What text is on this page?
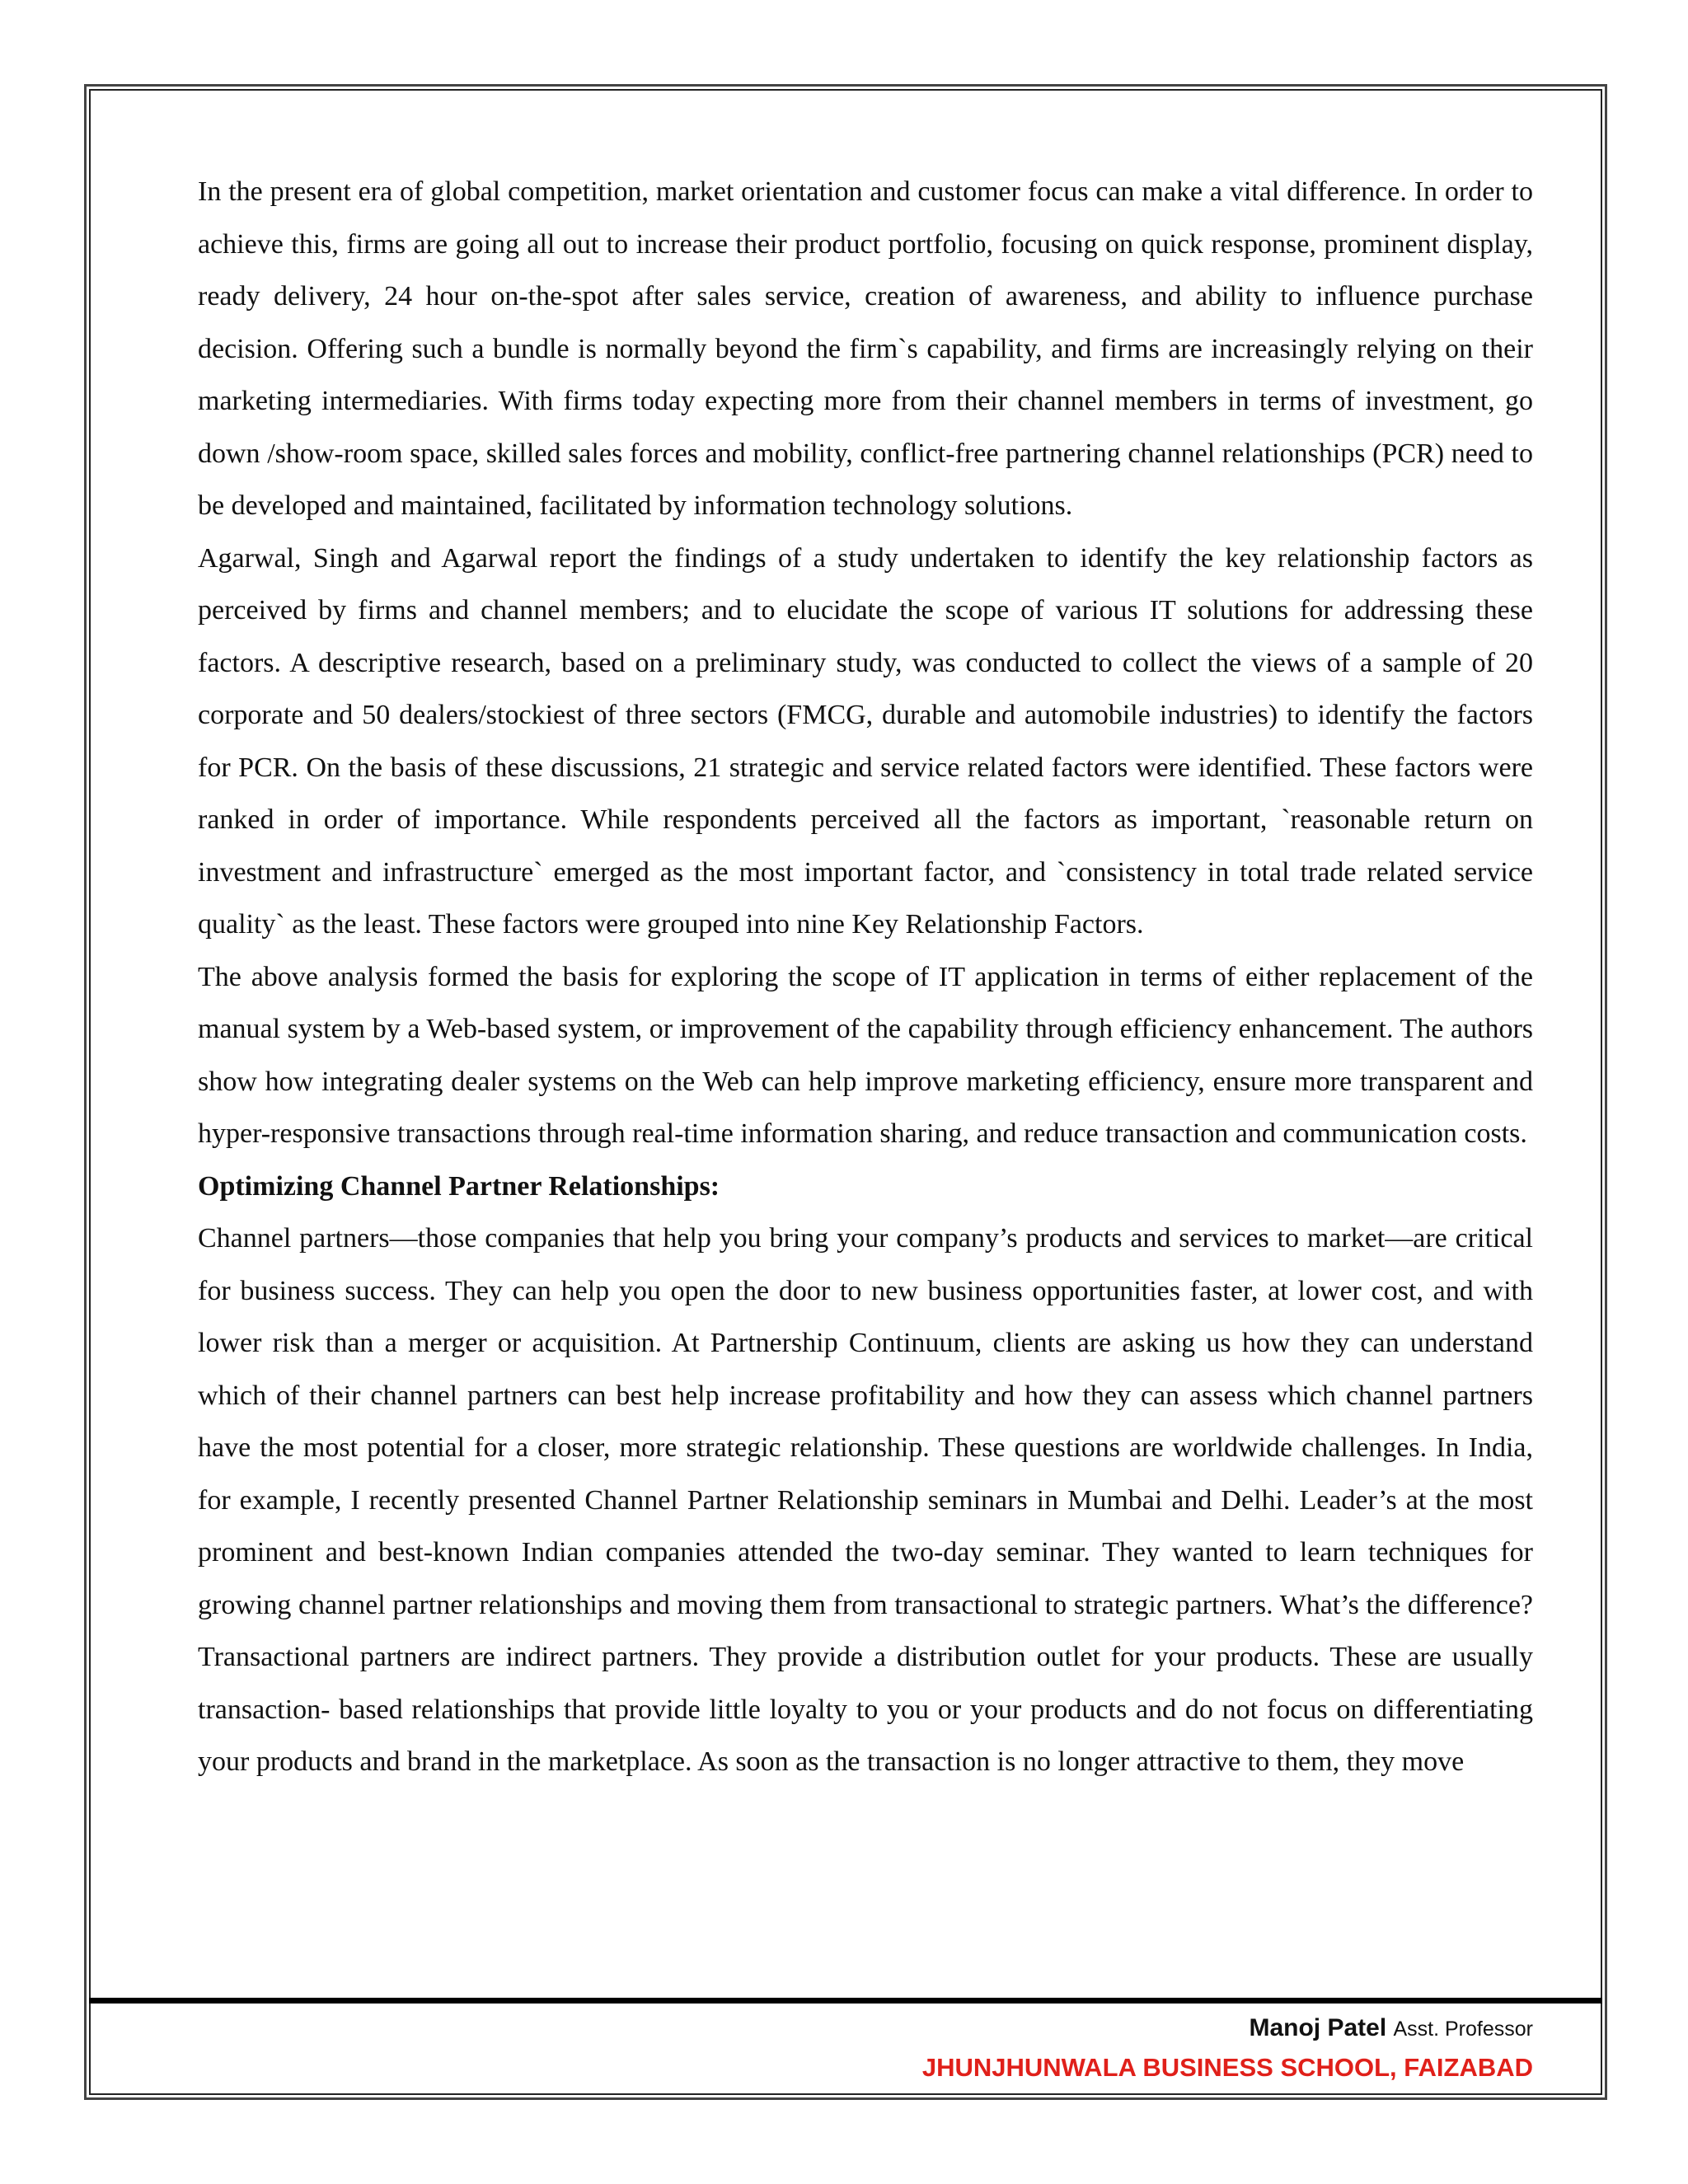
In the present era of global competition, market orientation and customer focus can make a vital difference. In order to achieve this, firms are going all out to increase their product portfolio, focusing on quick response, prominent display, ready delivery, 24 hour on-the-spot after sales service, creation of awareness, and ability to influence purchase decision. Offering such a bundle is normally beyond the firm`s capability, and firms are increasingly relying on their marketing intermediaries. With firms today expecting more from their channel members in terms of investment, go down /show-room space, skilled sales forces and mobility, conflict-free partnering channel relationships (PCR) need to be developed and maintained, facilitated by information technology solutions.

Agarwal, Singh and Agarwal report the findings of a study undertaken to identify the key relationship factors as perceived by firms and channel members; and to elucidate the scope of various IT solutions for addressing these factors. A descriptive research, based on a preliminary study, was conducted to collect the views of a sample of 20 corporate and 50 dealers/stockiest of three sectors (FMCG, durable and automobile industries) to identify the factors for PCR. On the basis of these discussions, 21 strategic and service related factors were identified. These factors were ranked in order of importance. While respondents perceived all the factors as important, `reasonable return on investment and infrastructure` emerged as the most important factor, and `consistency in total trade related service quality` as the least. These factors were grouped into nine Key Relationship Factors.

The above analysis formed the basis for exploring the scope of IT application in terms of either replacement of the manual system by a Web-based system, or improvement of the capability through efficiency enhancement. The authors show how integrating dealer systems on the Web can help improve marketing efficiency, ensure more transparent and hyper-responsive transactions through real-time information sharing, and reduce transaction and communication costs.

Optimizing Channel Partner Relationships:

Channel partners—those companies that help you bring your company’s products and services to market—are critical for business success. They can help you open the door to new business opportunities faster, at lower cost, and with lower risk than a merger or acquisition. At Partnership Continuum, clients are asking us how they can understand which of their channel partners can best help increase profitability and how they can assess which channel partners have the most potential for a closer, more strategic relationship. These questions are worldwide challenges. In India, for example, I recently presented Channel Partner Relationship seminars in Mumbai and Delhi. Leader’s at the most prominent and best-known Indian companies attended the two-day seminar. They wanted to learn techniques for growing channel partner relationships and moving them from transactional to strategic partners. What’s the difference? Transactional partners are indirect partners. They provide a distribution outlet for your products. These are usually transaction- based relationships that provide little loyalty to you or your products and do not focus on differentiating your products and brand in the marketplace. As soon as the transaction is no longer attractive to them, they move

Manoj Patel Asst. Professor
JHUNJHUNWALA BUSINESS SCHOOL, FAIZABAD
